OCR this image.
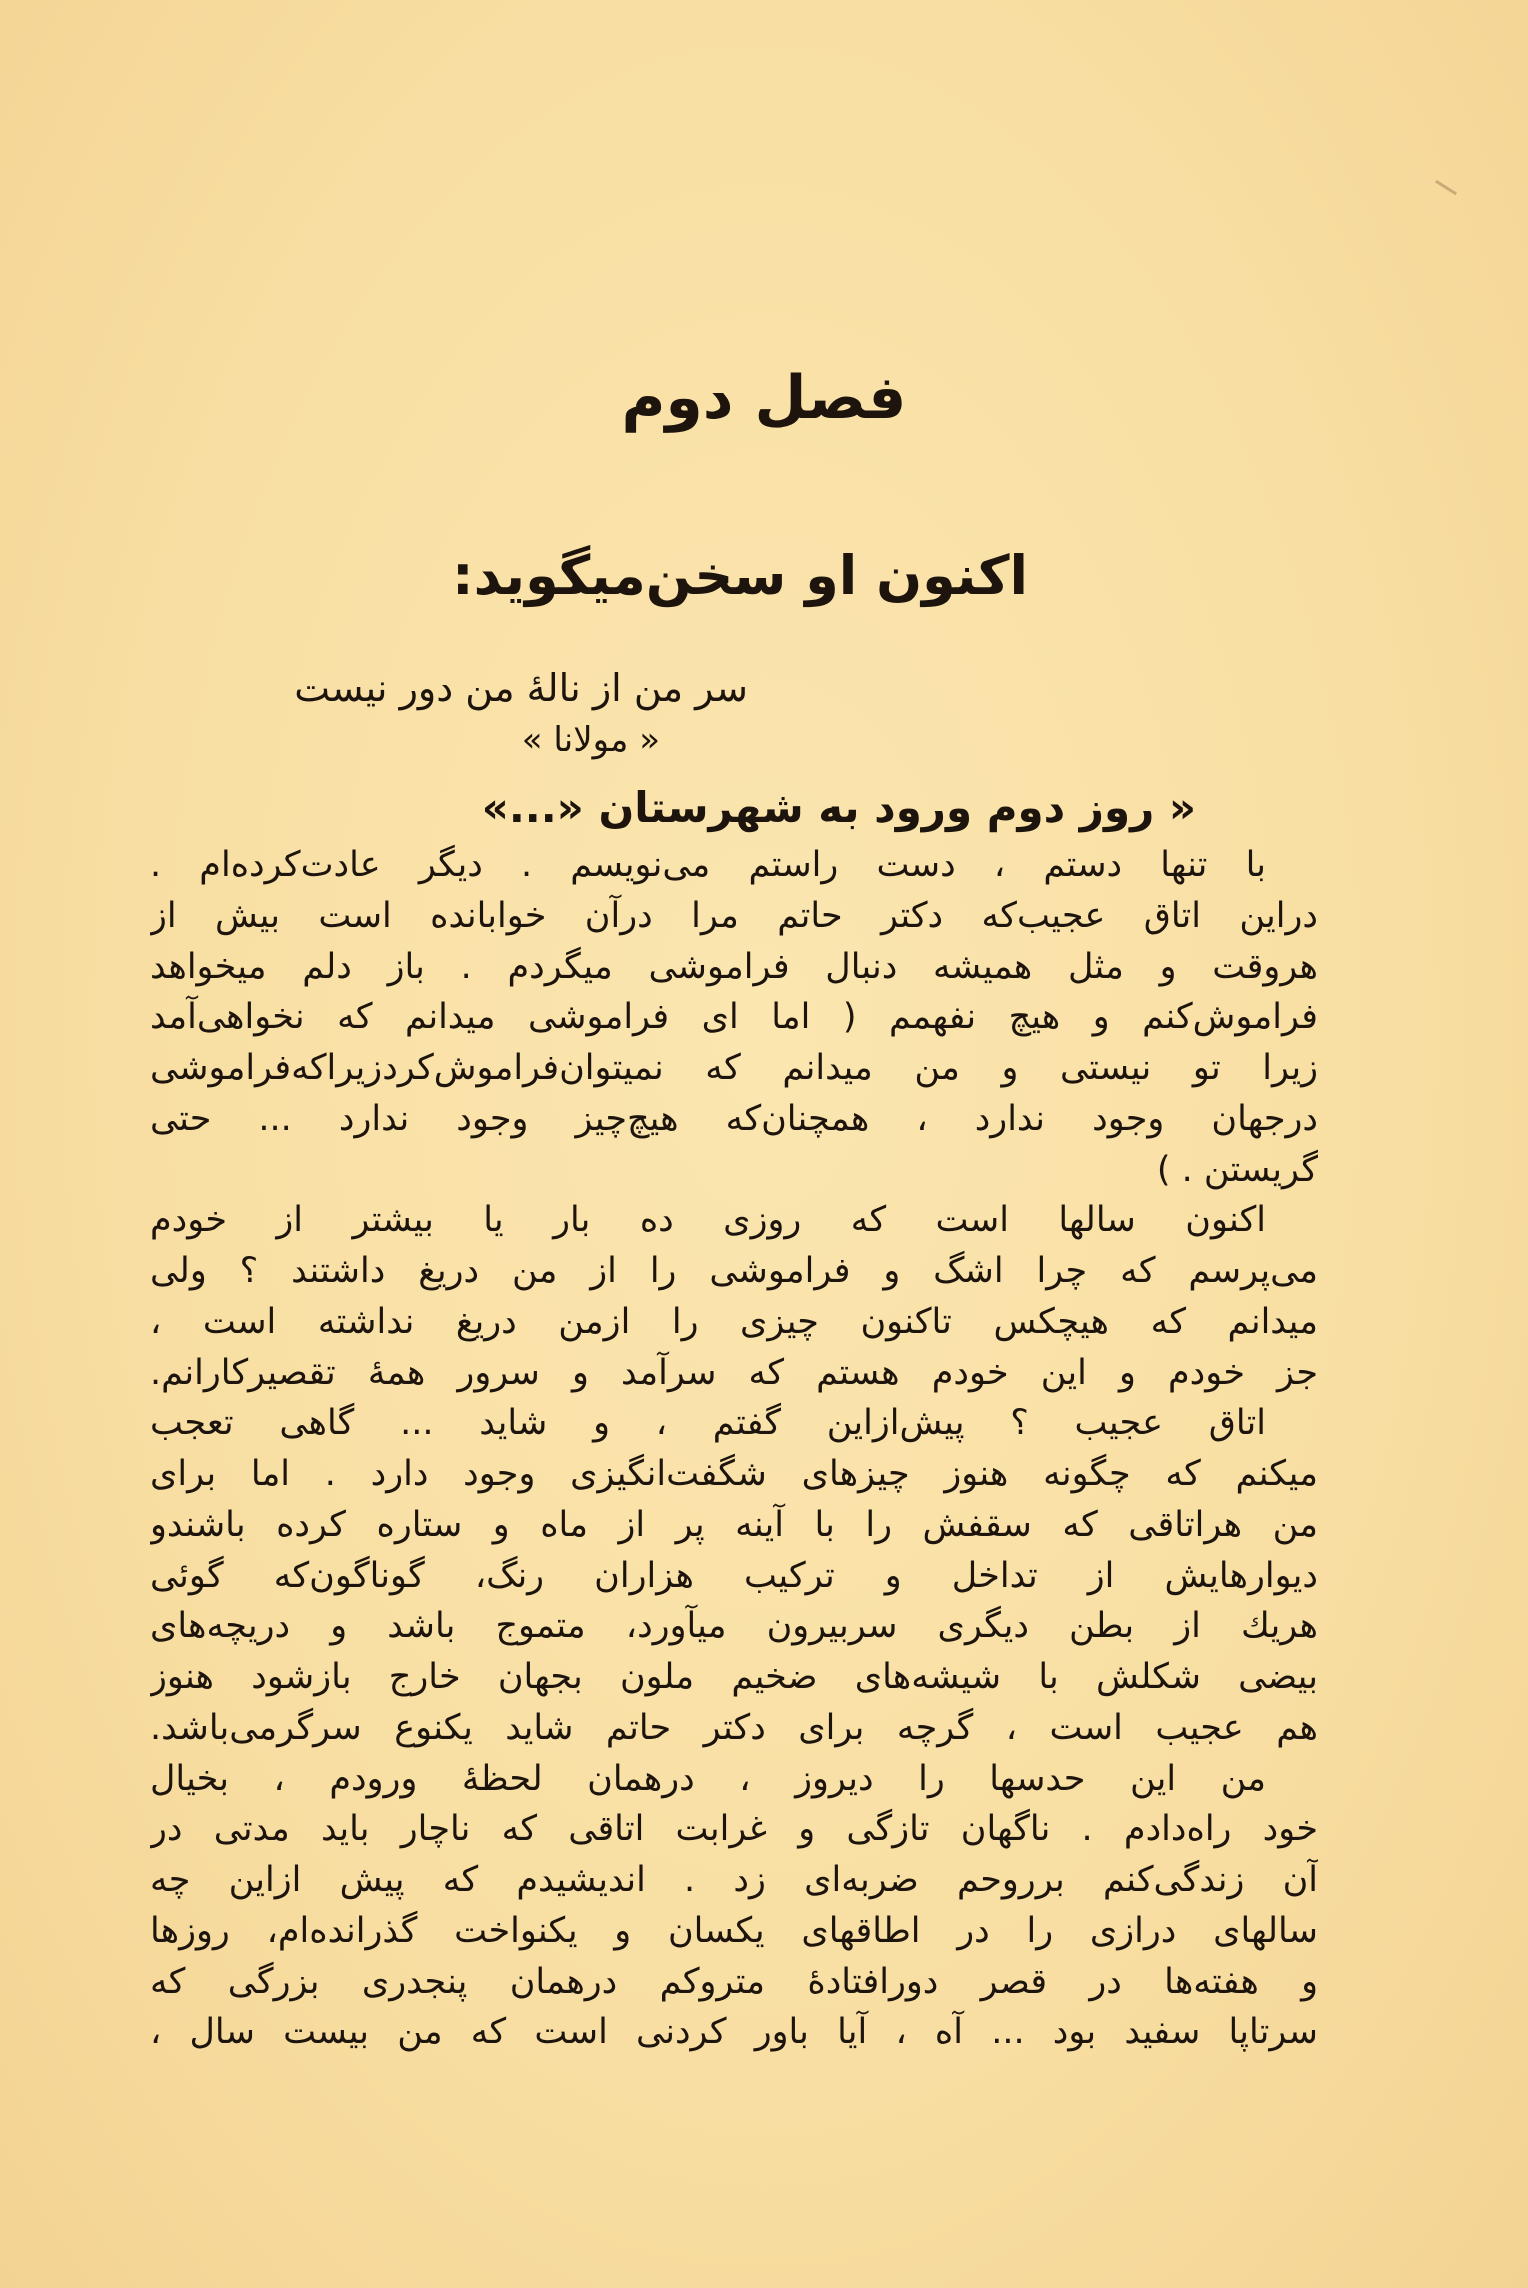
فصل دوم
اکنون او سخن‌میگوید:
سر من از نالهٔ من دور نیست
« مولانا »
« روز دوم ورود به شهرستان «...»
با تنها دستم ، دست راستم می‌نویسم . دیگر عادت‌کرده‌ام .
دراین اتاق عجیب‌که دکتر حاتم مرا درآن خوابانده است بیش از
هروقت و مثل همیشه دنبال فراموشی میگردم . باز دلم میخواهد
فراموش‌کنم و هیچ نفهمم ( اما ای فراموشی میدانم که نخواهی‌آمد
زیرا تو نیستی و من میدانم که نمیتوان‌فراموش‌کردزیراکه‌فراموشی
درجهان وجود ندارد ، همچنان‌که هیچ‌چیز وجود ندارد ... حتی
گریستن . )
اکنون سالها است که روزی ده بار یا بیشتر از خودم
می‌پرسم که چرا اشگ و فراموشی را از من دریغ داشتند ؟ ولی
میدانم که هیچکس تاکنون چیزی را ازمن دریغ نداشته است ،
جز خودم و این خودم هستم که سرآمد و سرور همهٔ تقصیرکارانم.
اتاق عجیب ؟ پیش‌ازاین گفتم ، و شاید ... گاهی تعجب
میکنم که چگونه هنوز چیزهای شگفت‌انگیزی وجود دارد . اما برای
من هراتاقی که سقفش را با آینه پر از ماه و ستاره کرده باشندو
دیوارهایش از تداخل و ترکیب هزاران رنگ، گوناگون‌که گوئی
هریك از بطن دیگری سربیرون میآورد، متموج باشد و دریچه‌های
بیضی شکلش با شیشه‌های ضخیم ملون بجهان خارج بازشود هنوز
هم عجیب است ، گرچه برای دکتر حاتم شاید یکنوع سرگرمی‌باشد.
من این حدسها را دیروز ، درهمان لحظهٔ ورودم ، بخیال
خود راه‌دادم . ناگهان تازگی و غرابت اتاقی که ناچار باید مدتی در
آن زندگی‌کنم برروحم ضربه‌ای زد . اندیشیدم که پیش ازاین چه
سالهای درازی را در اطاقهای یکسان و یکنواخت گذرانده‌ام، روزها
و هفته‌ها در قصر دورافتادهٔ متروکم درهمان پنجدری بزرگی که
سرتاپا سفید بود ... آه ، آیا باور کردنی است که من بیست سال ،
